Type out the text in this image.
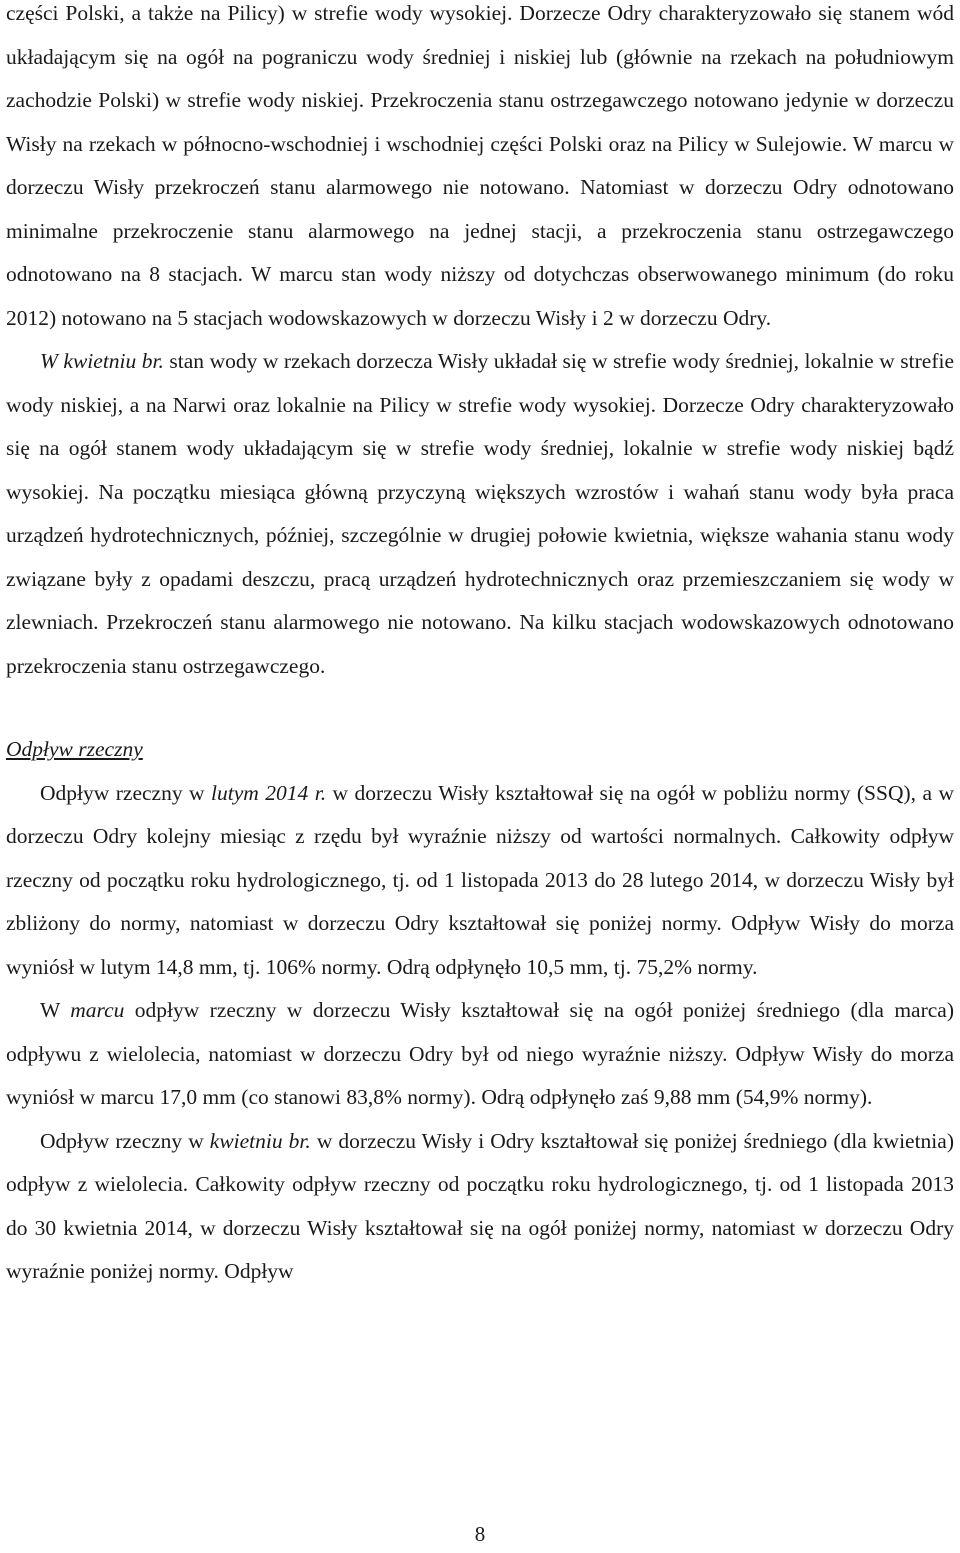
części Polski, a także na Pilicy) w strefie wody wysokiej. Dorzecze Odry charakteryzowało się stanem wód układającym się na ogół na pograniczu wody średniej i niskiej lub (głównie na rzekach na południowym zachodzie Polski) w strefie wody niskiej. Przekroczenia stanu ostrzegawczego notowano jedynie w dorzeczu Wisły na rzekach w północno-wschodniej i wschodniej części Polski oraz na Pilicy w Sulejowie. W marcu w dorzeczu Wisły przekroczeń stanu alarmowego nie notowano. Natomiast w dorzeczu Odry odnotowano minimalne przekroczenie stanu alarmowego na jednej stacji, a przekroczenia stanu ostrzegawczego odnotowano na 8 stacjach. W marcu stan wody niższy od dotychczas obserwowanego minimum (do roku 2012) notowano na 5 stacjach wodowskazowych w dorzeczu Wisły i 2 w dorzeczu Odry.

W kwietniu br. stan wody w rzekach dorzecza Wisły układał się w strefie wody średniej, lokalnie w strefie wody niskiej, a na Narwi oraz lokalnie na Pilicy w strefie wody wysokiej. Dorzecze Odry charakteryzowało się na ogół stanem wody układającym się w strefie wody średniej, lokalnie w strefie wody niskiej bądź wysokiej. Na początku miesiąca główną przyczyną większych wzrostów i wahań stanu wody była praca urządzeń hydrotechnicznych, później, szczególnie w drugiej połowie kwietnia, większe wahania stanu wody związane były z opadami deszczu, pracą urządzeń hydrotechnicznych oraz przemieszczaniem się wody w zlewniach. Przekroczeń stanu alarmowego nie notowano. Na kilku stacjach wodowskazowych odnotowano przekroczenia stanu ostrzegawczego.

Odpływ rzeczny

Odpływ rzeczny w lutym 2014 r. w dorzeczu Wisły kształtował się na ogół w pobliżu normy (SSQ), a w dorzeczu Odry kolejny miesiąc z rzędu był wyraźnie niższy od wartości normalnych. Całkowity odpływ rzeczny od początku roku hydrologicznego, tj. od 1 listopada 2013 do 28 lutego 2014, w dorzeczu Wisły był zbliżony do normy, natomiast w dorzeczu Odry kształtował się poniżej normy. Odpływ Wisły do morza wyniósł w lutym 14,8 mm, tj. 106% normy. Odrą odpłynęło 10,5 mm, tj. 75,2% normy.

W marcu odpływ rzeczny w dorzeczu Wisły kształtował się na ogół poniżej średniego (dla marca) odpływu z wielolecia, natomiast w dorzeczu Odry był od niego wyraźnie niższy. Odpływ Wisły do morza wyniósł w marcu 17,0 mm (co stanowi 83,8% normy). Odrą odpłynęło zaś 9,88 mm (54,9% normy).

Odpływ rzeczny w kwietniu br. w dorzeczu Wisły i Odry kształtował się poniżej średniego (dla kwietnia) odpływ z wielolecia. Całkowity odpływ rzeczny od początku roku hydrologicznego, tj. od 1 listopada 2013 do 30 kwietnia 2014, w dorzeczu Wisły kształtował się na ogół poniżej normy, natomiast w dorzeczu Odry wyraźnie poniżej normy. Odpływ

8
